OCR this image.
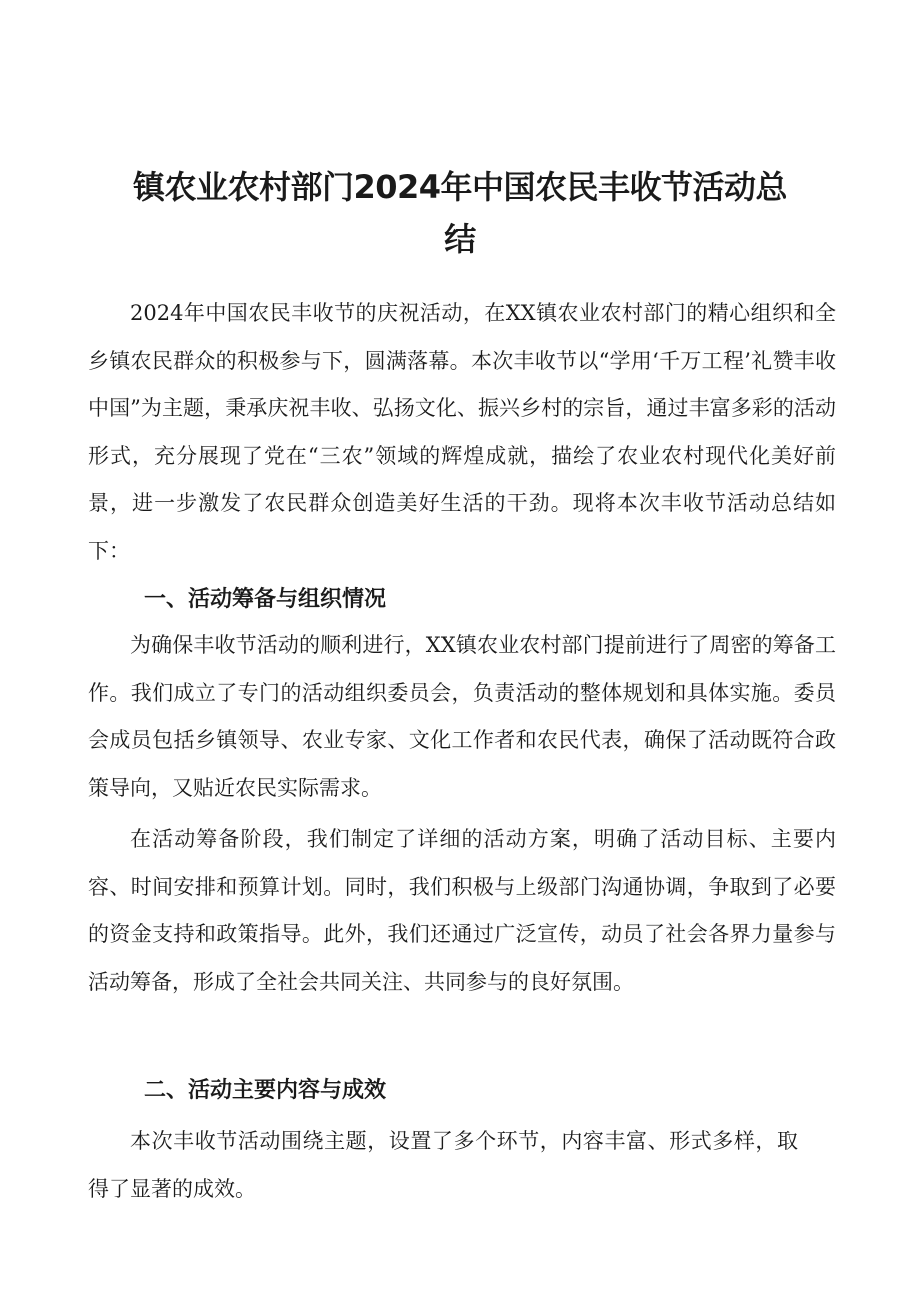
镇农业农村部门2024年中国农民丰收节活动总
结

2024年中国农民丰收节的庆祝活动，在XX镇农业农村部门的精心组织和全乡镇农民群众的积极参与下，圆满落幕。本次丰收节以“学用‘千万工程’礼赞丰收中国”为主题，秉承庆祝丰收、弘扬文化、振兴乡村的宗旨，通过丰富多彩的活动形式，充分展现了党在“三农”领域的辉煌成就，描绘了农业农村现代化美好前景，进一步激发了农民群众创造美好生活的干劲。现将本次丰收节活动总结如下：

一、活动筹备与组织情况

为确保丰收节活动的顺利进行，XX镇农业农村部门提前进行了周密的筹备工作。我们成立了专门的活动组织委员会，负责活动的整体规划和具体实施。委员会成员包括乡镇领导、农业专家、文化工作者和农民代表，确保了活动既符合政策导向，又贴近农民实际需求。

在活动筹备阶段，我们制定了详细的活动方案，明确了活动目标、主要内容、时间安排和预算计划。同时，我们积极与上级部门沟通协调，争取到了必要的资金支持和政策指导。此外，我们还通过广泛宣传，动员了社会各界力量参与活动筹备，形成了全社会共同关注、共同参与的良好氛围。

二、活动主要内容与成效

本次丰收节活动围绕主题，设置了多个环节，内容丰富、形式多样，取得了显著的成效。
